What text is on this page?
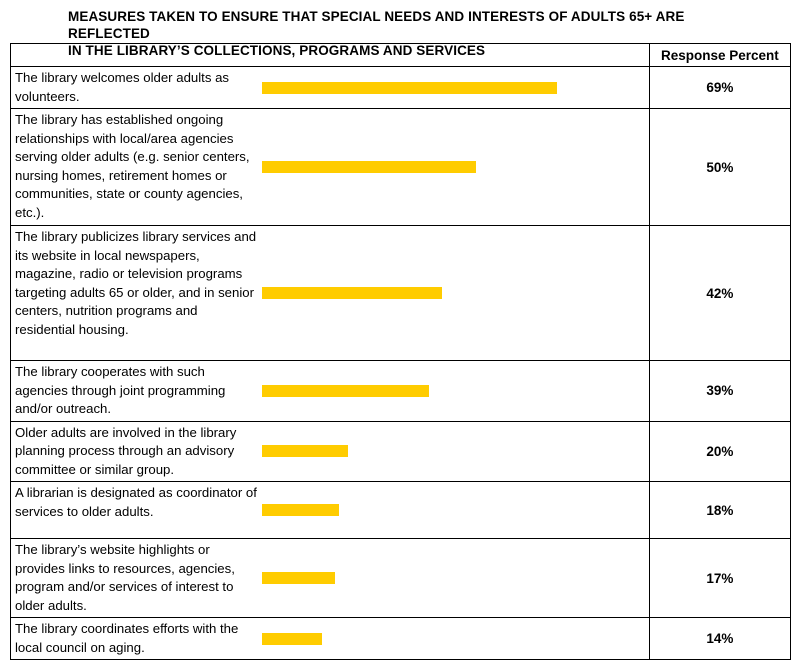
MEASURES TAKEN TO ENSURE THAT SPECIAL NEEDS AND INTERESTS OF ADULTS 65+ ARE REFLECTED
IN THE LIBRARY’S COLLECTIONS, PROGRAMS AND SERVICES
			Response Percent
The library welcomes older adults as volunteers.		69%
The library has established ongoing relationships with local/area agencies serving older adults (e.g. senior centers, nursing homes, retirement homes or communities, state or county agencies, etc.).		50%
The library publicizes library services and its website in local newspapers, magazine, radio or television programs targeting adults 65 or older, and in senior centers, nutrition programs and residential housing.		42%
The library cooperates with such agencies through joint programming and/or outreach.		39%
Older adults are involved in the library planning process through an advisory committee or similar group.		20%
A librarian is designated as coordinator of services to older adults.		18%
The library’s website highlights or provides links to resources, agencies, program and/or services of interest to older adults.		17%
The library coordinates efforts with the local council on aging.		14%
